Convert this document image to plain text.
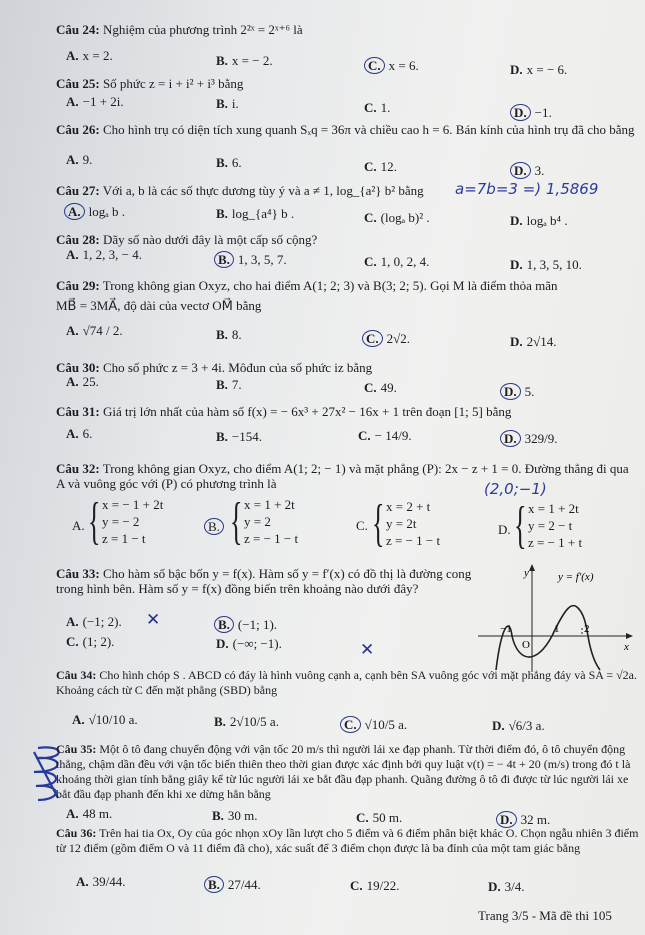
Câu 24: Nghiệm của phương trình 2²ˣ = 2ˣ⁺⁶ là
A. x = 2.	B. x = − 2.	C. x = 6.	D. x = − 6.
Câu 25: Số phức z = i + i² + i³ bằng
A. −1 + 2i.	B. i.	C. 1.	D. −1.
Câu 26: Cho hình trụ có diện tích xung quanh Sₓq = 36π và chiều cao h = 6. Bán kính của hình trụ đã cho bằng
A. 9.	B. 6.	C. 12.	D. 3.
Câu 27: Với a, b là các số thực dương tùy ý và a ≠ 1, log_{a²} b² bằng a=7b=3 =) 1,5869
A. logₐ b .	B. log_{a⁴} b .	C. (logₐ b)² .	D. logₐ b⁴ .
Câu 28: Dãy số nào dưới đây là một cấp số cộng?
A. 1, 2, 3, − 4.	B. 1, 3, 5, 7.	C. 1, 0, 2, 4.	D. 1, 3, 5, 10.
Câu 29: Trong không gian Oxyz, cho hai điểm A(1; 2; 3) và B(3; 2; 5). Gọi M là điểm thỏa mãn
MB⃗ = 3MA⃗, độ dài của vectơ OM⃗ bằng
A. √74 / 2.	B. 8.	C. 2√2.	D. 2√14.
Câu 30: Cho số phức z = 3 + 4i. Môđun của số phức iz bằng
A. 25.	B. 7.	C. 49.	D. 5.
Câu 31: Giá trị lớn nhất của hàm số f(x) = − 6x³ + 27x² − 16x + 1 trên đoạn [1; 5] bằng
A. 6.	B. −154.	C. − 14/9.	D. 329/9.
Câu 32: Trong không gian Oxyz, cho điểm A(1; 2; − 1) và mặt phẳng (P): 2x − z + 1 = 0. Đường thẳng đi qua A và vuông góc với (P) có phương trình là	(2,0;−1)
A. { x = − 1 + 2t
y = − 2
z = 1 − t
B. { x = 1 + 2t
y = 2
z = − 1 − t
C. { x = 2 + t
y = 2t
z = − 1 − t
D. { x = 1 + 2t
y = 2 − t
z = − 1 + t
Câu 33: Cho hàm số bậc bốn y = f(x). Hàm số y = f′(x) có đồ thị là đường cong trong hình bên. Hàm số y = f(x) đồng biến trên khoảng nào dưới đây?
A. (−1; 2). ✕	B. (−1; 1).
C. (1; 2).	D. (−∞; −1).	✕
y	y = f′(x)
x
O
−1	1 2
Câu 34: Cho hình chóp S . ABCD có đáy là hình vuông cạnh a, cạnh bên SA vuông góc với mặt phẳng đáy và SA = √2a. Khoảng cách từ C đến mặt phẳng (SBD) bằng
A. √10/10 a.	B. 2√10/5 a.	C. √10/5 a.	D. √6/3 a.
Câu 35: Một ô tô đang chuyển động với vận tốc 20 m/s thì người lái xe đạp phanh. Từ thời điểm đó, ô tô chuyển động thẳng, chậm dần đều với vận tốc biến thiên theo thời gian được xác định bởi quy luật v(t) = − 4t + 20 (m/s) trong đó t là khoảng thời gian tính bằng giây kể từ lúc người lái xe bắt đầu đạp phanh. Quãng đường ô tô đi được từ lúc người lái xe bắt đầu đạp phanh đến khi xe dừng hẳn bằng
A. 48 m.	B. 30 m.	C. 50 m.	D. 32 m.
Câu 36: Trên hai tia Ox, Oy của góc nhọn xOy lần lượt cho 5 điểm và 6 điểm phân biệt khác O. Chọn ngẫu nhiên 3 điểm từ 12 điểm (gồm điểm O và 11 điểm đã cho), xác suất để 3 điểm chọn được là ba đỉnh của một tam giác bằng
A. 39/44.	B. 27/44.	C. 19/22.	D. 3/4.
Trang 3/5 - Mã đề thi 105
